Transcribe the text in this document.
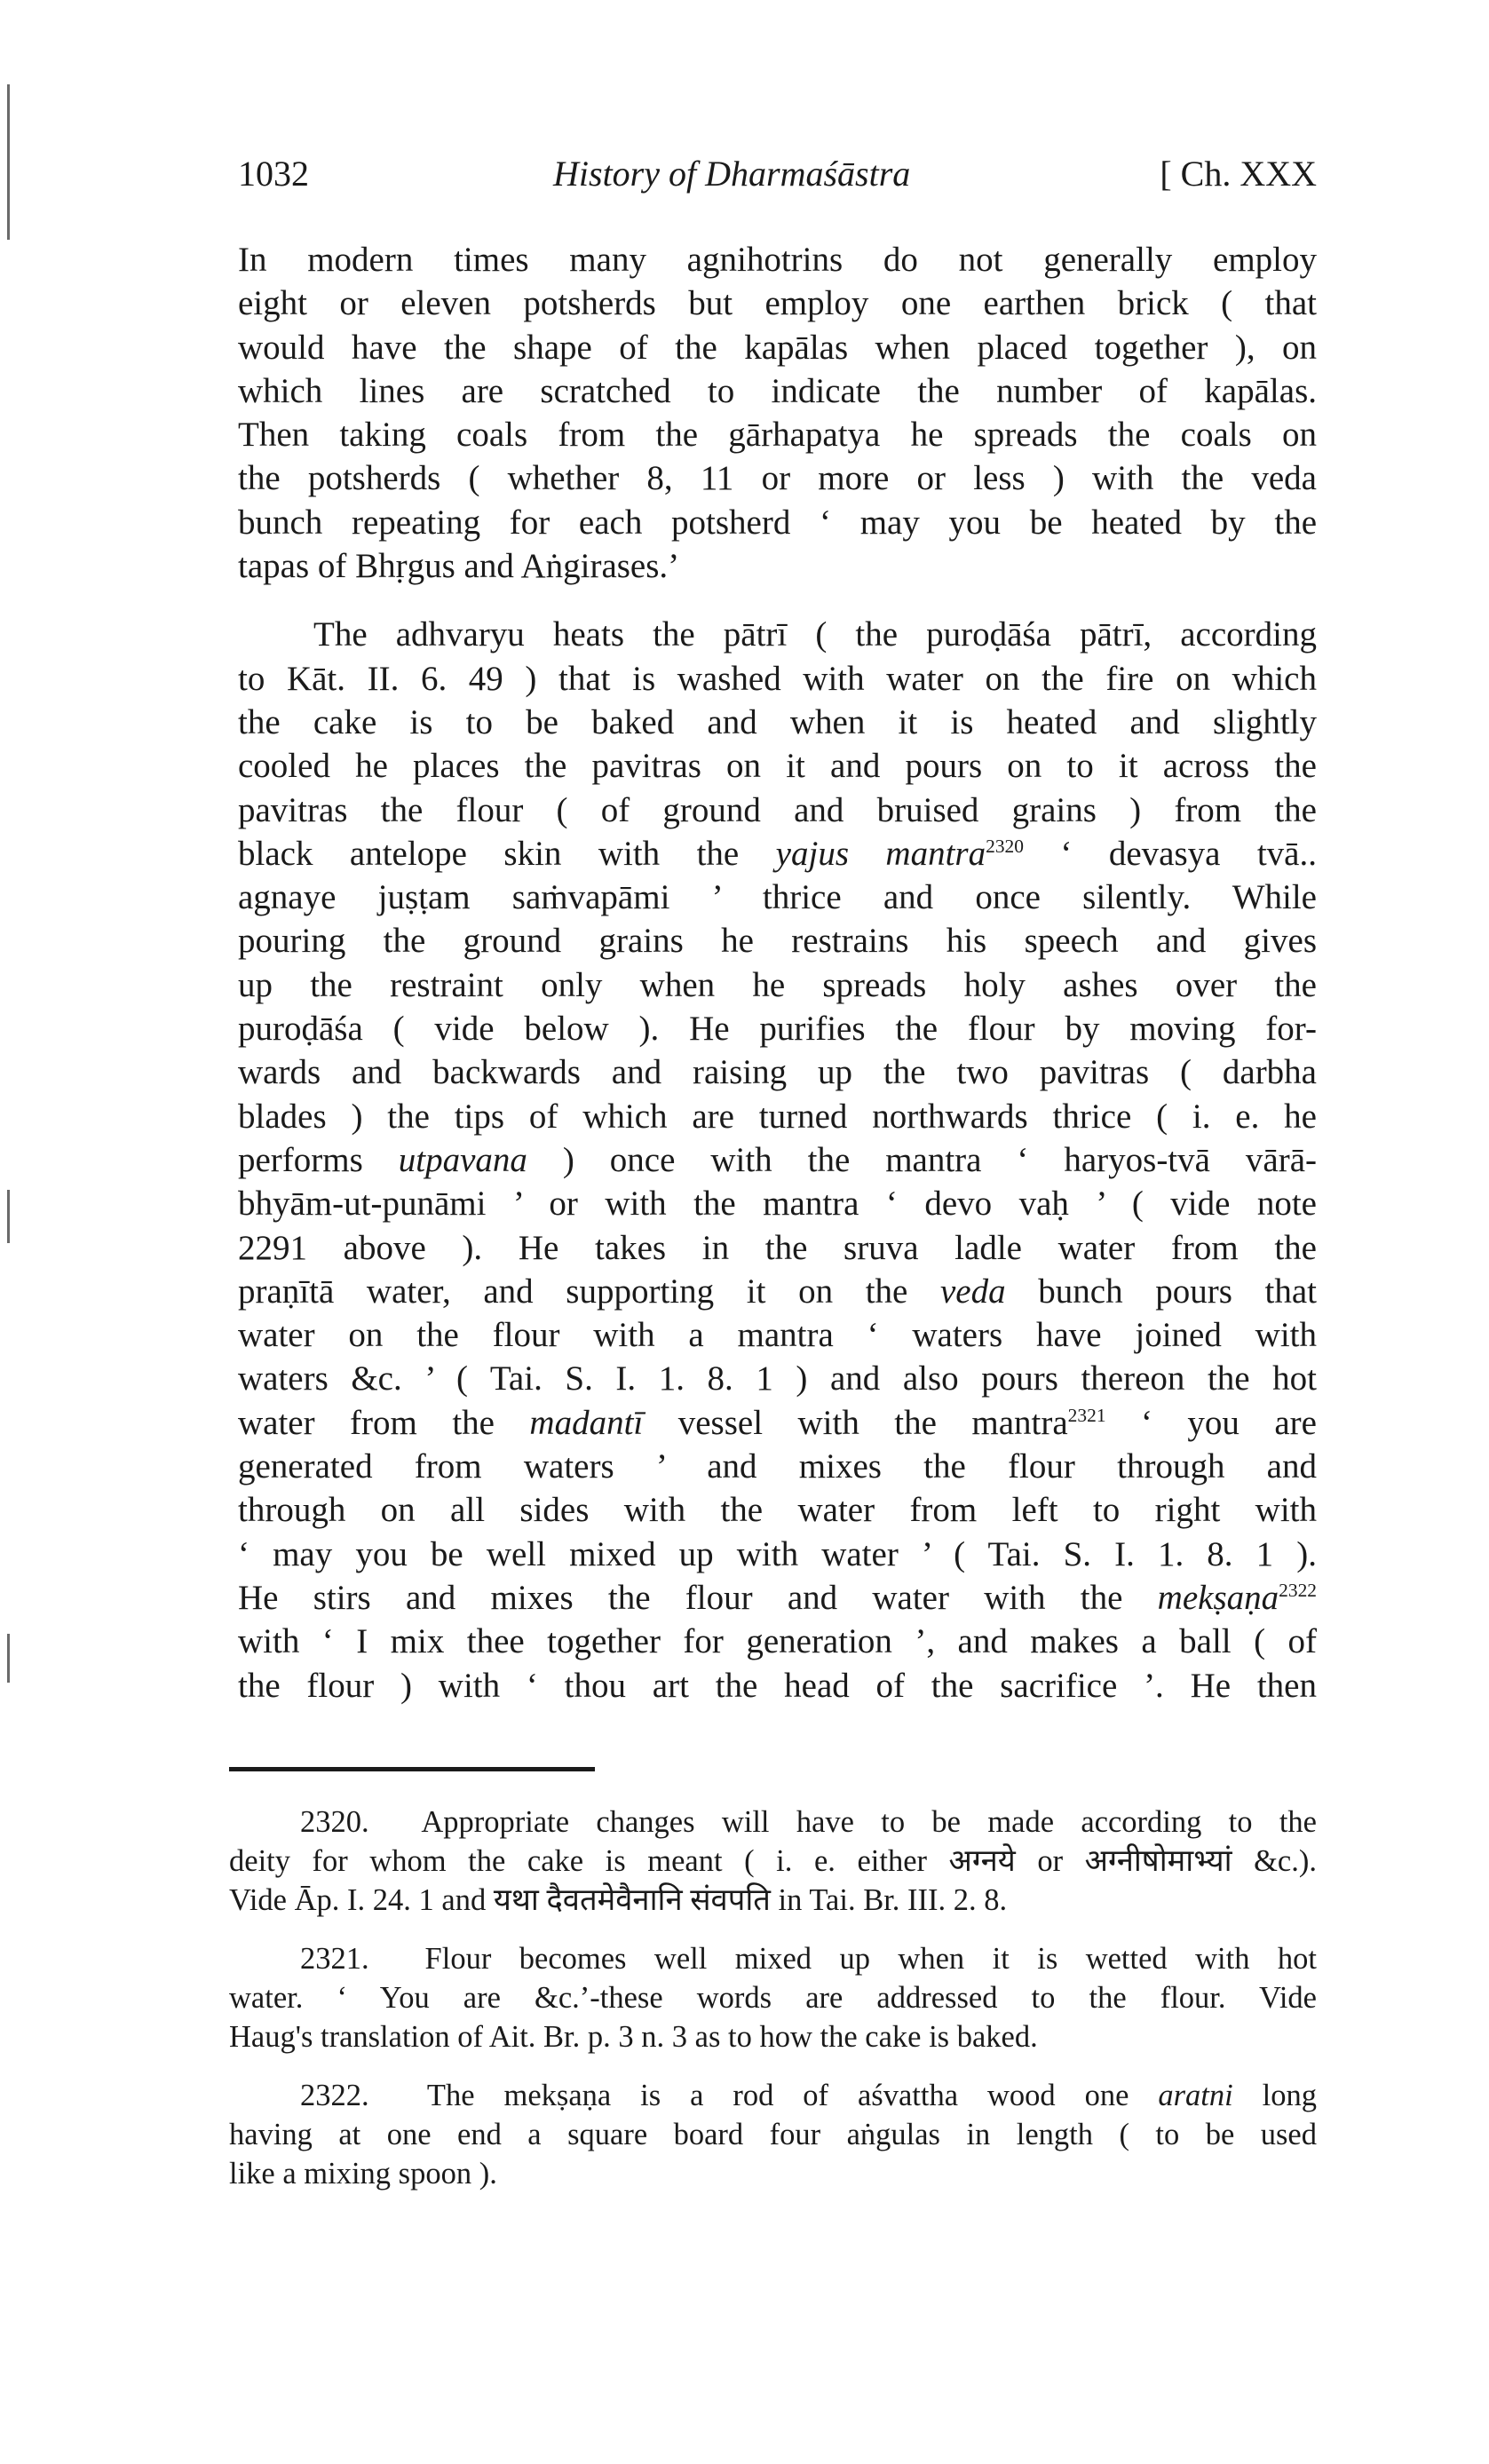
1032	History of Dharmaśāstra	[ Ch. XXX

In modern times many agnihotrins do not generally employ
eight or eleven potsherds but employ one earthen brick ( that
would have the shape of the kapālas when placed together ), on
which lines are scratched to indicate the number of kapālas.
Then taking coals from the gārhapatya he spreads the coals on
the potsherds ( whether 8, 11 or more or less ) with the veda
bunch repeating for each potsherd ‘ may you be heated by the
tapas of Bhṛgus and Aṅgirases.’

The adhvaryu heats the pātrī ( the puroḍāśa pātrī, according
to Kāt. II. 6. 49 ) that is washed with water on the fire on which
the cake is to be baked and when it is heated and slightly
cooled he places the pavitras on it and pours on to it across the
pavitras the flour ( of ground and bruised grains ) from the
black antelope skin with the yajus mantra$^{2320}$ ‘ devasya tvā..
agnaye juṣṭam saṁvapāmi ’ thrice and once silently. While
pouring the ground grains he restrains his speech and gives
up the restraint only when he spreads holy ashes over the
puroḍāśa ( vide below ). He purifies the flour by moving for-
wards and backwards and raising up the two pavitras ( darbha
blades ) the tips of which are turned northwards thrice ( i. e. he
performs utpavana ) once with the mantra ‘ haryos-tvā vārā-
bhyām-ut-punāmi ’ or with the mantra ‘ devo vaḥ ’ ( vide note
2291 above ). He takes in the sruva ladle water from the
praṇītā water, and supporting it on the veda bunch pours that
water on the flour with a mantra ‘ waters have joined with
waters &c. ’ ( Tai. S. I. 1. 8. 1 ) and also pours thereon the hot
water from the madantī vessel with the mantra$^{2321}$ ‘ you are
generated from waters ’ and mixes the flour through and
through on all sides with the water from left to right with
‘ may you be well mixed up with water ’ ( Tai. S. I. 1. 8. 1 ).
He stirs and mixes the flour and water with the mekṣaṇa$^{2322}$
with ‘ I mix thee together for generation ’, and makes a ball ( of
the flour ) with ‘ thou art the head of the sacrifice ’. He then

2320. Appropriate changes will have to be made according to the
deity for whom the cake is meant ( i. e. either अग्नये or अग्नीषोमाभ्यां &c.).
Vide Āp. I. 24. 1 and यथा दैवतमेवैनानि संवपति in Tai. Br. III. 2. 8.

2321. Flour becomes well mixed up when it is wetted with hot
water. ‘ You are &c.’-these words are addressed to the flour. Vide
Haug's translation of Ait. Br. p. 3 n. 3 as to how the cake is baked.

2322. The mekṣaṇa is a rod of aśvattha wood one aratni long
having at one end a square board four aṅgulas in length ( to be used
like a mixing spoon ).
